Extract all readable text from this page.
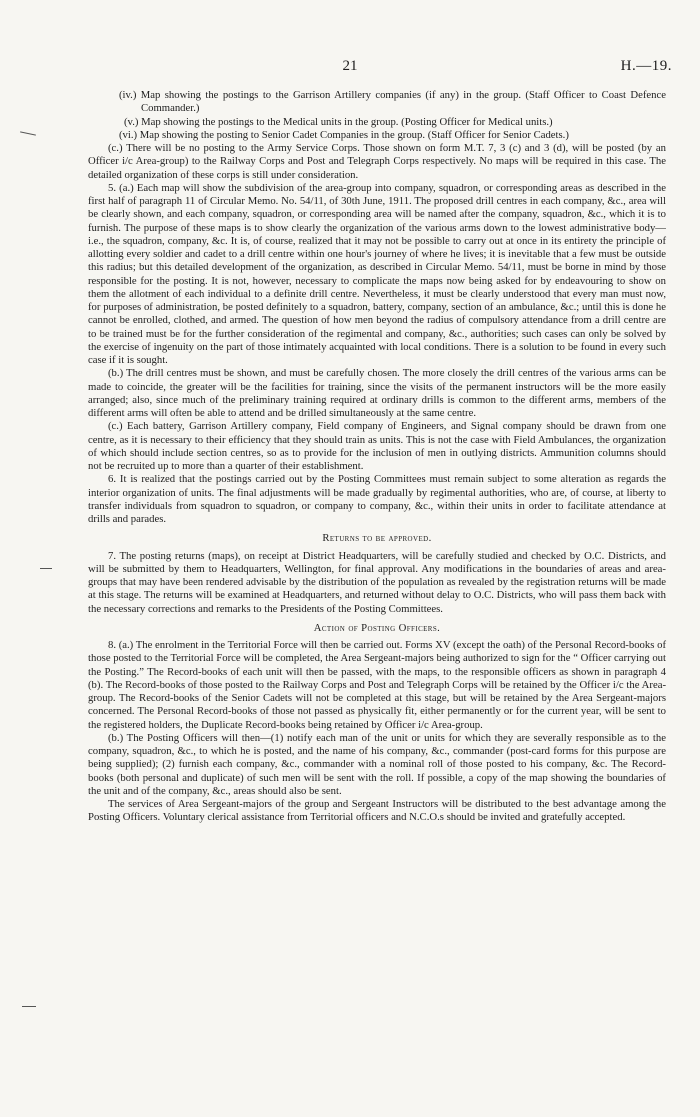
21	H.—19.

(iv.) Map showing the postings to the Garrison Artillery companies (if any) in the group. (Staff Officer to Coast Defence Commander.)

(v.) Map showing the postings to the Medical units in the group. (Posting Officer for Medical units.)

(vi.) Map showing the posting to Senior Cadet Companies in the group. (Staff Officer for Senior Cadets.)

(c.) There will be no posting to the Army Service Corps. Those shown on form M.T. 7, 3 (c) and 3 (d), will be posted (by an Officer i/c Area-group) to the Railway Corps and Post and Telegraph Corps respectively. No maps will be required in this case. The detailed organization of these corps is still under consideration.

5. (a.) Each map will show the subdivision of the area-group into company, squadron, or corresponding areas as described in the first half of paragraph 11 of Circular Memo. No. 54/11, of 30th June, 1911. The proposed drill centres in each company, &c., area will be clearly shown, and each company, squadron, or corresponding area will be named after the company, squadron, &c., which it is to furnish. The purpose of these maps is to show clearly the organization of the various arms down to the lowest administrative body—i.e., the squadron, company, &c. It is, of course, realized that it may not be possible to carry out at once in its entirety the principle of allotting every soldier and cadet to a drill centre within one hour's journey of where he lives; it is inevitable that a few must be outside this radius; but this detailed development of the organization, as described in Circular Memo. 54/11, must be borne in mind by those responsible for the posting. It is not, however, necessary to complicate the maps now being asked for by endeavouring to show on them the allotment of each individual to a definite drill centre. Nevertheless, it must be clearly understood that every man must now, for purposes of administration, be posted definitely to a squadron, battery, company, section of an ambulance, &c.; until this is done he cannot be enrolled, clothed, and armed. The question of how men beyond the radius of compulsory attendance from a drill centre are to be trained must be for the further consideration of the regimental and company, &c., authorities; such cases can only be solved by the exercise of ingenuity on the part of those intimately acquainted with local conditions. There is a solution to be found in every such case if it is sought.

(b.) The drill centres must be shown, and must be carefully chosen. The more closely the drill centres of the various arms can be made to coincide, the greater will be the facilities for training, since the visits of the permanent instructors will be the more easily arranged; also, since much of the preliminary training required at ordinary drills is common to the different arms, members of the different arms will often be able to attend and be drilled simultaneously at the same centre.

(c.) Each battery, Garrison Artillery company, Field company of Engineers, and Signal company should be drawn from one centre, as it is necessary to their efficiency that they should train as units. This is not the case with Field Ambulances, the organization of which should include section centres, so as to provide for the inclusion of men in outlying districts. Ammunition columns should not be recruited up to more than a quarter of their establishment.

6. It is realized that the postings carried out by the Posting Committees must remain subject to some alteration as regards the interior organization of units. The final adjustments will be made gradually by regimental authorities, who are, of course, at liberty to transfer individuals from squadron to squadron, or company to company, &c., within their units in order to facilitate attendance at drills and parades.

Returns to be approved.

7. The posting returns (maps), on receipt at District Headquarters, will be carefully studied and checked by O.C. Districts, and will be submitted by them to Headquarters, Wellington, for final approval. Any modifications in the boundaries of areas and area-groups that may have been rendered advisable by the distribution of the population as revealed by the registration returns will be made at this stage. The returns will be examined at Headquarters, and returned without delay to O.C. Districts, who will pass them back with the necessary corrections and remarks to the Presidents of the Posting Committees.

Action of Posting Officers.

8. (a.) The enrolment in the Territorial Force will then be carried out. Forms XV (except the oath) of the Personal Record-books of those posted to the Territorial Force will be completed, the Area Sergeant-majors being authorized to sign for the “ Officer carrying out the Posting.” The Record-books of each unit will then be passed, with the maps, to the responsible officers as shown in paragraph 4 (b). The Record-books of those posted to the Railway Corps and Post and Telegraph Corps will be retained by the Officer i/c the Area-group. The Record-books of the Senior Cadets will not be completed at this stage, but will be retained by the Area Sergeant-majors concerned. The Personal Record-books of those not passed as physically fit, either permanently or for the current year, will be sent to the registered holders, the Duplicate Record-books being retained by Officer i/c Area-group.

(b.) The Posting Officers will then—(1) notify each man of the unit or units for which they are severally responsible as to the company, squadron, &c., to which he is posted, and the name of his company, &c., commander (post-card forms for this purpose are being supplied); (2) furnish each company, &c., commander with a nominal roll of those posted to his company, &c. The Record-books (both personal and duplicate) of such men will be sent with the roll. If possible, a copy of the map showing the boundaries of the unit and of the company, &c., areas should also be sent.

The services of Area Sergeant-majors of the group and Sergeant Instructors will be distributed to the best advantage among the Posting Officers. Voluntary clerical assistance from Territorial officers and N.C.O.s should be invited and gratefully accepted.
